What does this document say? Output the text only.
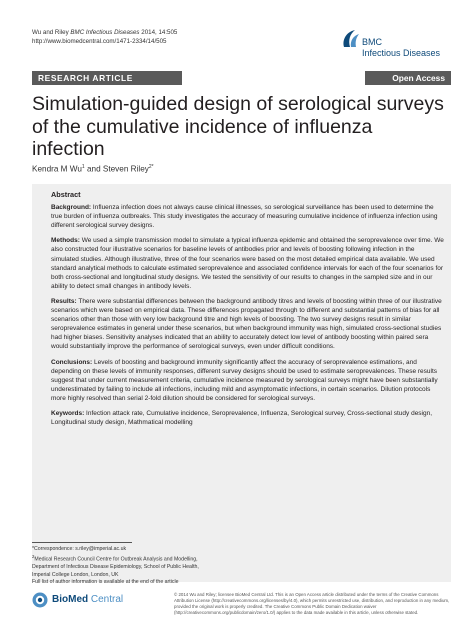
Wu and Riley BMC Infectious Diseases 2014, 14:505
http://www.biomedcentral.com/1471-2334/14/505	BMC
Infectious Diseases
RESEARCH ARTICLE	Open Access
Simulation-guided design of serological surveys of the cumulative incidence of influenza infection
Kendra M Wu$^1$ and Steven Riley$^{2*}$
Abstract

Background: Influenza infection does not always cause clinical illnesses, so serological surveillance has been used to determine the true burden of influenza outbreaks. This study investigates the accuracy of measuring cumulative incidence of influenza infection using different serological survey designs.

Methods: We used a simple transmission model to simulate a typical influenza epidemic and obtained the seroprevalence over time. We also constructed four illustrative scenarios for baseline levels of antibodies prior and levels of boosting following infection in the simulated studies. Although illustrative, three of the four scenarios were based on the most detailed empirical data available. We used standard analytical methods to calculate estimated seroprevalence and associated confidence intervals for each of the four scenarios for both cross-sectional and longitudinal study designs. We tested the sensitivity of our results to changes in the sampled size and in our ability to detect small changes in antibody levels.

Results: There were substantial differences between the background antibody titres and levels of boosting within three of our illustrative scenarios which were based on empirical data. These differences propagated through to different and substantial patterns of bias for all scenarios other than those with very low background titre and high levels of boosting. The two survey designs result in similar seroprevalence estimates in general under these scenarios, but when background immunity was high, simulated cross-sectional studies had higher biases. Sensitivity analyses indicated that an ability to accurately detect low level of antibody boosting within paired sera would substantially improve the performance of serological surveys, even under difficult conditions.

Conclusions: Levels of boosting and background immunity significantly affect the accuracy of seroprevalence estimations, and depending on these levels of immunity responses, different survey designs should be used to estimate seroprevalences. These results suggest that under current measurement criteria, cumulative incidence measured by serological surveys might have been substantially underestimated by failing to include all infections, including mild and asymptomatic infections, in certain scenarios. Dilution protocols more highly resolved than serial 2-fold dilution should be considered for serological surveys.

Keywords: Infection attack rate, Cumulative incidence, Seroprevalence, Influenza, Serological survey, Cross-sectional study design, Longitudinal study design, Mathmatical modelling

*Correspondence: s.riley@imperial.ac.uk
$^2$Medical Research Council Centre for Outbreak Analysis and Modelling,
Department of Infectious Disease Epidemiology, School of Public Health,
Imperial College London, London, UK
Full list of author information is available at the end of the article
BioMed Central	© 2014 Wu and Riley; licensee BioMed Central Ltd. This is an Open Access article distributed under the terms of the Creative Commons Attribution License (http://creativecommons.org/licenses/by/4.0), which permits unrestricted use, distribution, and reproduction in any medium, provided the original work is properly credited. The Creative Commons Public Domain Dedication waiver (http://creativecommons.org/publicdomain/zero/1.0/) applies to the data made available in this article, unless otherwise stated.
